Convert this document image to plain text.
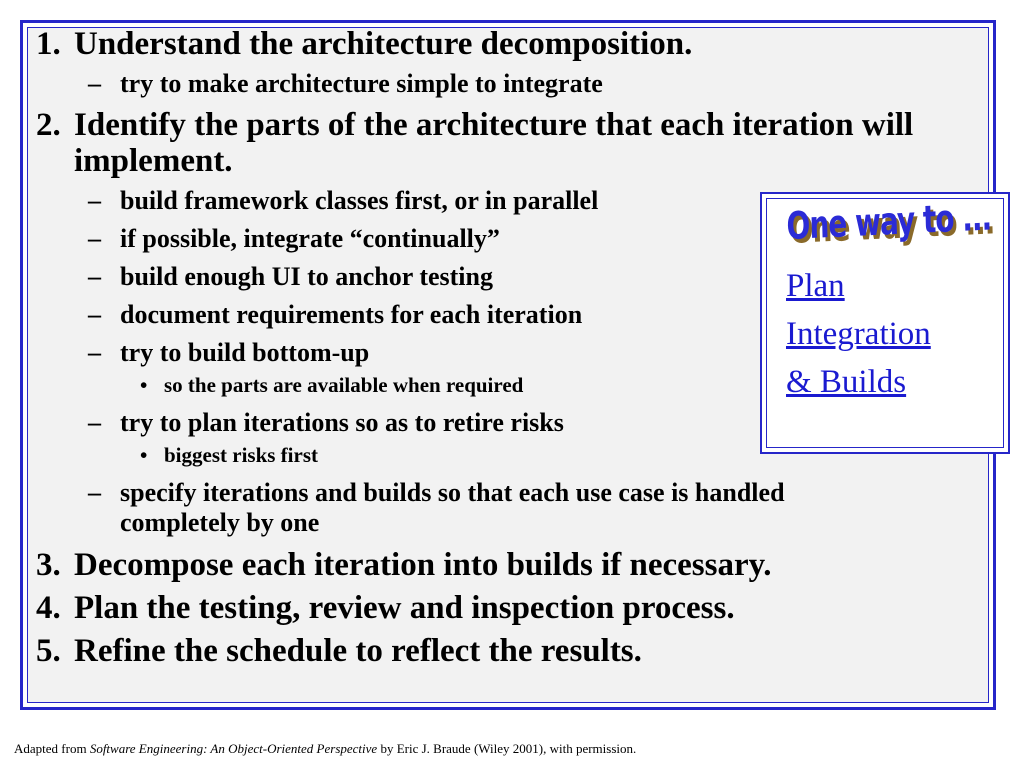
1. Understand the architecture decomposition.
– try to make architecture simple to integrate
2. Identify the parts of the architecture that each iteration will implement.
– build framework classes first, or in parallel
– if possible, integrate “continually”
– build enough UI to anchor testing
– document requirements for each iteration
– try to build bottom-up
• so the parts are available when required
– try to plan iterations so as to retire risks
• biggest risks first
– specify iterations and builds so that each use case is handled completely by one
3. Decompose each iteration into builds if necessary.
4. Plan the testing, review and inspection process.
5. Refine the schedule to reflect the results.
One way to ...
Plan
Integration
& Builds
Adapted from Software Engineering: An Object-Oriented Perspective by Eric J. Braude (Wiley 2001), with permission.
